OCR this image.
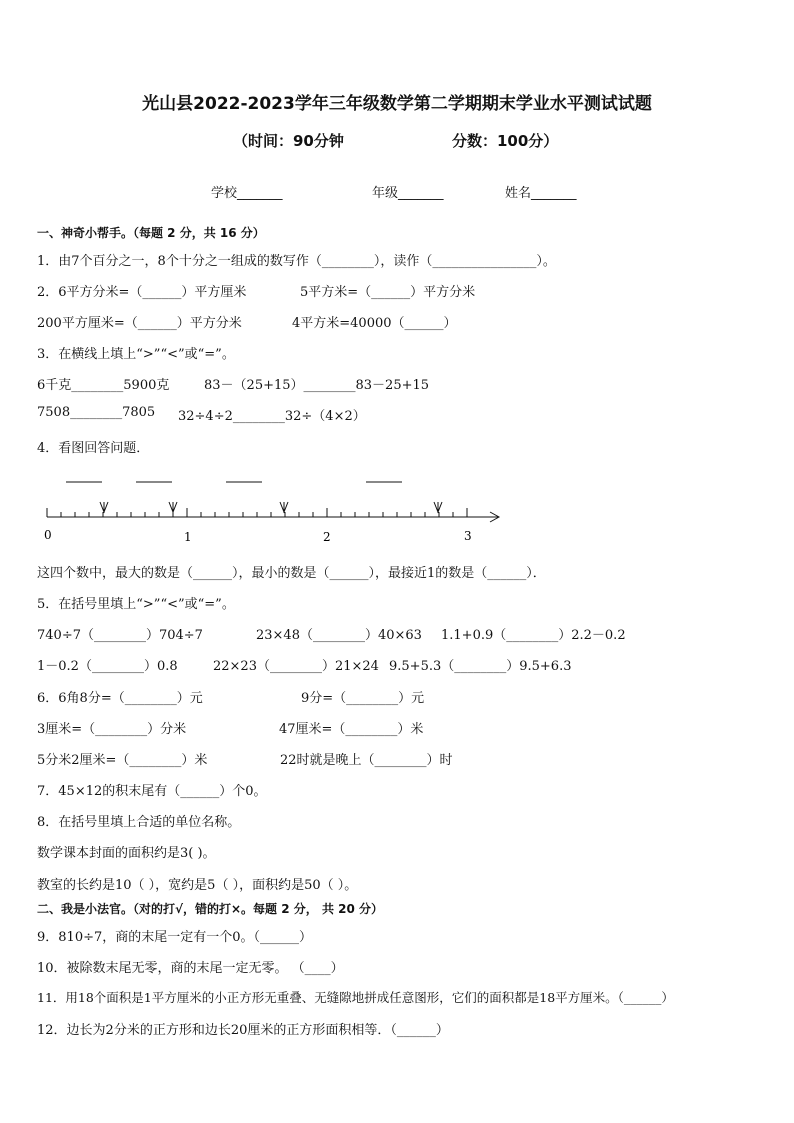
光山县2022-2023学年三年级数学第二学期期末学业水平测试试题
（时间：90分钟	分数：100分）
学校_______	年级_______	姓名_______
一、神奇小帮手。（每题 2 分，共 16 分）
1．由7个百分之一，8个十分之一组成的数写作（________），读作（________________）。
2．6平方分米=（______）平方厘米	5平方米=（______）平方分米
200平方厘米=（______）平方分米	4平方米=40000（______）
3．在横线上填上“>”“<”或“=”。
6千克________5900克	83－（25+15）________83－25+15
7508________7805 32÷4÷2________32÷（4×2）
4．看图回答问题．
0	1	2	3
这四个数中，最大的数是（______），最小的数是（______），最接近1的数是（______）．
5．在括号里填上“>”“<”或“=”。
740÷7（________）704÷7	23×48（________）40×63 1.1+0.9（________）2.2－0.2
1－0.2（________）0.8	22×23（________）21×24 9.5+5.3（________）9.5+6.3
6．6角8分=（________）元	9分=（________）元
3厘米=（________）分米	47厘米=（________）米
5分米2厘米=（________）米	22时就是晚上（________）时
7．45×12的积末尾有（______）个0。
8．在括号里填上合适的单位名称。
数学课本封面的面积约是3( )。
教室的长约是10（ ），宽约是5（ ），面积约是50（ ）。
二、我是小法官。（对的打√，错的打×。每题 2 分， 共 20 分）
9．810÷7，商的末尾一定有一个0。（______）
10．被除数末尾无零，商的末尾一定无零。 （____）
11．用18个面积是1平方厘米的小正方形无重叠、无缝隙地拼成任意图形，它们的面积都是18平方厘米。（______）
12．边长为2分米的正方形和边长20厘米的正方形面积相等．（______）
